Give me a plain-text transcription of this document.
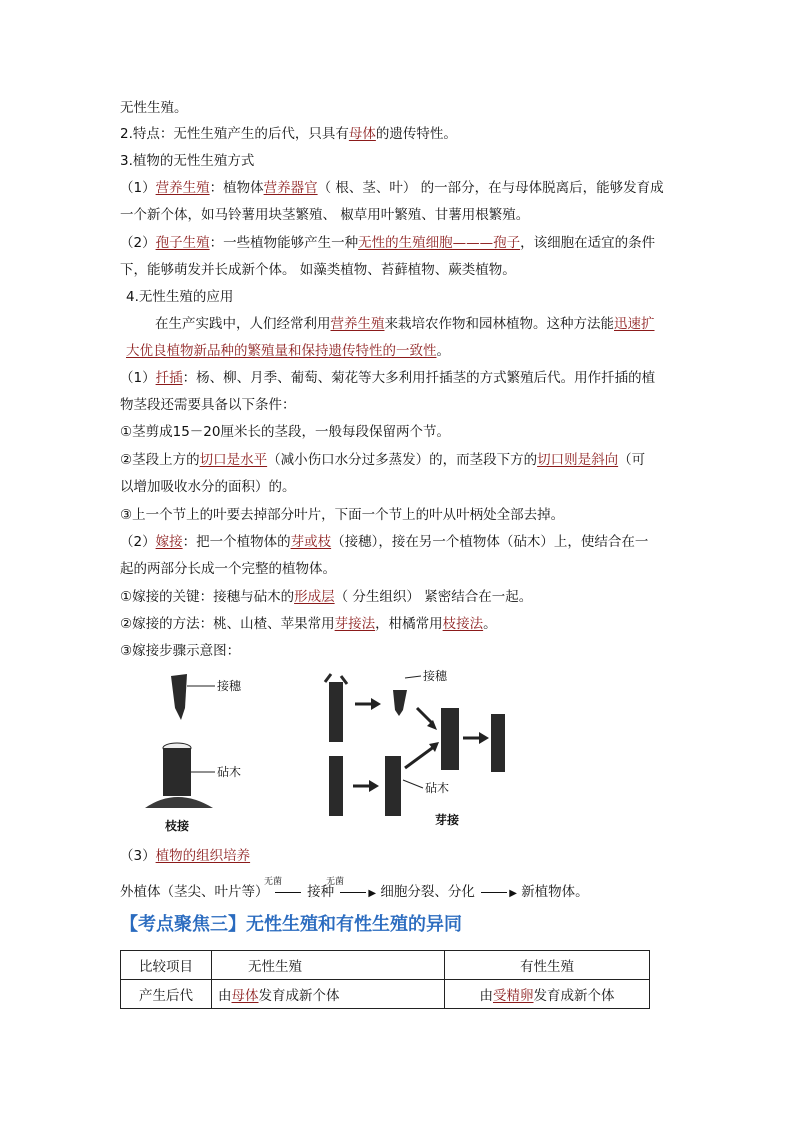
无性生殖。
2.特点：无性生殖产生的后代，只具有母体的遗传特性。
3.植物的无性生殖方式
（1）营养生殖：植物体营养器官（ 根、茎、叶） 的一部分，在与母体脱离后，能够发育成
一个新个体，如马铃薯用块茎繁殖、 椒草用叶繁殖、甘薯用根繁殖。
（2）孢子生殖：一些植物能够产生一种无性的生殖细胞———孢子，该细胞在适宜的条件
下，能够萌发并长成新个体。 如藻类植物、苔藓植物、蕨类植物。
4.无性生殖的应用
在生产实践中，人们经常利用营养生殖来栽培农作物和园林植物。这种方法能迅速扩
大优良植物新品种的繁殖量和保持遗传特性的一致性。
（1）扦插：杨、柳、月季、葡萄、菊花等大多利用扦插茎的方式繁殖后代。用作扦插的植
物茎段还需要具备以下条件：
①茎剪成15－20厘米长的茎段，一般每段保留两个节。
②茎段上方的切口是水平（减小伤口水分过多蒸发）的，而茎段下方的切口则是斜向（可
以增加吸收水分的面积）的。
③上一个节上的叶要去掉部分叶片，下面一个节上的叶从叶柄处全部去掉。
（2）嫁接：把一个植物体的芽或枝（接穗），接在另一个植物体（砧木）上，使结合在一
起的两部分长成一个完整的植物体。
①嫁接的关键：接穗与砧木的形成层（ 分生组织） 紧密结合在一起。
②嫁接的方法：桃、山楂、苹果常用芽接法，柑橘常用枝接法。
③嫁接步骤示意图：
接穗
砧木
枝接
接穗
砧木
芽接
（3）植物的组织培养
外植体（茎尖、叶片等）	接种	▶ 细胞分裂、分化	▶ 新植物体。
无菌	无菌
【考点聚焦三】无性生殖和有性生殖的异同
比较项目	无性生殖	有性生殖
产生后代	由母体发育成新个体	由受精卵发育成新个体
